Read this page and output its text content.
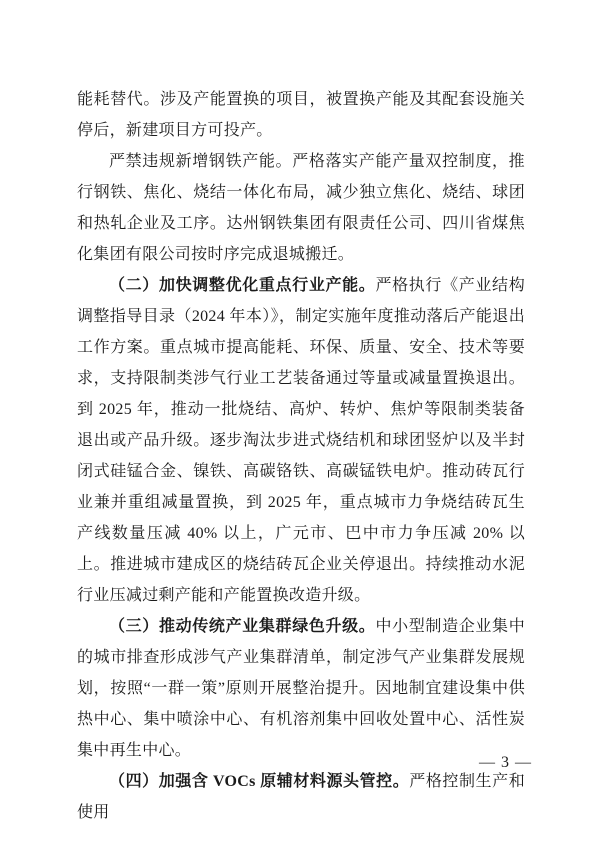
能耗替代。涉及产能置换的项目，被置换产能及其配套设施关停后，新建项目方可投产。

严禁违规新增钢铁产能。严格落实产能产量双控制度，推行钢铁、焦化、烧结一体化布局，减少独立焦化、烧结、球团和热轧企业及工序。达州钢铁集团有限责任公司、四川省煤焦化集团有限公司按时序完成退城搬迁。

（二）加快调整优化重点行业产能。严格执行《产业结构调整指导目录（2024 年本）》，制定实施年度推动落后产能退出工作方案。重点城市提高能耗、环保、质量、安全、技术等要求，支持限制类涉气行业工艺装备通过等量或减量置换退出。到 2025 年，推动一批烧结、高炉、转炉、焦炉等限制类装备退出或产品升级。逐步淘汰步进式烧结机和球团竖炉以及半封闭式硅锰合金、镍铁、高碳铬铁、高碳锰铁电炉。推动砖瓦行业兼并重组减量置换，到 2025 年，重点城市力争烧结砖瓦生产线数量压减 40% 以上，广元市、巴中市力争压减 20% 以上。推进城市建成区的烧结砖瓦企业关停退出。持续推动水泥行业压减过剩产能和产能置换改造升级。

（三）推动传统产业集群绿色升级。中小型制造企业集中的城市排查形成涉气产业集群清单，制定涉气产业集群发展规划，按照“一群一策”原则开展整治提升。因地制宜建设集中供热中心、集中喷涂中心、有机溶剂集中回收处置中心、活性炭集中再生中心。

（四）加强含 VOCs 原辅材料源头管控。严格控制生产和使用

— 3 —
